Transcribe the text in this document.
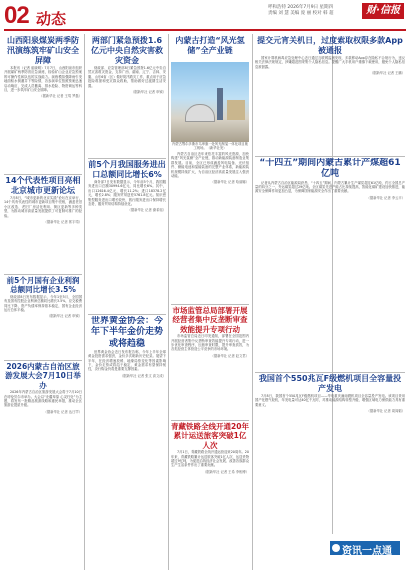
02 动态
呼和浩特 2026年7月9日 星期四
责编 刘 慧 美编 庞 丽 校对 韩 超	财·信报
山西阳泉煤炭两季防汛演练筑牢矿山安全屏障
本报讯（记者 崔晓明）7月7日，山西阳泉市组织开展煤矿两季防汛应急演练，检验矿山企业应急预案的可操作性和队伍的实战能力。演练模拟强降雨引发地面积水倒灌井下等险情，各参演单位按照预案迅速启动响应，完成人员撤离、排水抢险、物资调运等科目，进一步筑牢矿山安全屏障。
（据新华社 记者 王靖 罗磊）
14个代表性项目亮相北京城市更新论坛
7月8日，“城市更新的北京实践”论坛在京举行，14个具有代表性的城市更新项目集中亮相，涵盖老旧小区改造、老旧厂房活化利用、街区更新等多种类型，为推动城市高质量发展提供了可复制可推广的经验。
（据新华社 记者 郭宇靖）
前5个月国有企业利润总额同比增长3.5%
财政部8日发布数据显示，今年1至5月，全国国有及国有控股企业利润总额同比增长3.5%，应交税费同比下降，资产负债率保持基本稳定，国有企业经济运行总体平稳。
（据新华社 记者 申铖）
2026内蒙古自治区旅游发展大会7月10日举办
2026年内蒙古自治区旅游发展大会将于7月10日在呼伦贝尔市举办。大会以“北疆草原 心灵归处”为主题，将发布一批精品旅游线路和惠民举措，推动全区旅游业提质升级。
（据新华社 记者 达日罕）
两部门紧急预拨1.6亿元中央自然灾害救灾资金
财政部、应急管理部8日紧急预拨1.6亿元中央自然灾害救灾资金，支持广西、湖南、辽宁、吉林、安徽、山东6省（区）做好防汛救灾工作，重点用于应急抢险救援和受灾群众救助，帮助做好过渡期生活安置。
（据新华社 记者 申铖）
前5个月我国服务进出口总额同比增长6%
商务部7日发布数据显示，今年前5个月，我国服务进出口总额30994.6亿元，同比增长6%。其中，出口12616.4亿元，增长11.2%；进口18378.2亿元，增长2.8%；服务贸易逆差5761.8亿元。知识密集型服务进出口增长较快，旅行服务进出口保持增长态势，服务贸易结构持续优化。
（据新华社 记者 谢希瑶）
世界黄金协会：今年下半年金价走势或将趋稳
世界黄金协会近日发布报告称，今年上半年全球黄金投资需求强劲，金价多次刷新历史纪录。展望下半年，在经济增速放缓、地缘局势变化等因素影响下，金价走势或将趋于稳定，黄金需求有望保持韧性，央行购金仍将是重要支撑因素。
（据新华社 记者 张文 高文成）
内蒙古打造“风光氢储”全产业链
内蒙古鄂尔多斯市乌审旗一处风光制氢一体化项目施工现场。（新华社发）
内蒙古自治区近年来依托丰富的风光资源，加快构建“风光氢储”全产业链，推动新能源装备制造业集群发展。目前，全区已形成涵盖风电装备、光伏组件、储能电池和氢能装备的完整产业体系，新能源装机规模持续扩大，为自治区经济高质量发展注入强劲动能。
（据新华社 记者 哈丽娜）
市场监管总局部署开展经营者集中反垄断审查效能提升专项行动
市场监管总局近日印发通知，部署在全国范围内开展经营者集中反垄断审查效能提升专项行动，进一步优化审查程序，压缩审查时限，提升审查质效，为各类经营主体营造公平竞争的市场环境。
（据新华社 记者 赵文君）
青藏铁路全线开通20年累计运送旅客突破1亿人次
7月1日，青藏铁路全线开通运营迎来20周年。20年来，青藏铁路累计运送旅客突破1亿人次，运送货物超过9亿吨，为促进沿线经济社会发展、改善各族群众生产生活条件作出了重要贡献。
（据新华社 记者 王希 李相博）
提交元宵关机日，过度索取权限多款App被通报
国家计算机病毒应急处理中心近日通过互联网监测发现，多款移动App存在隐私不合规行为，违反相关法律法规规定，涉嫌超范围采集个人隐私信息。提醒广大手机用户谨慎下载使用，避免个人隐私信息被泄露。
（据新华社 记者 王鹏）
“十四五”期间内蒙古累计产煤超61亿吨
记者从内蒙古自治区能源局获悉，“十四五”期间，内蒙古累计生产煤炭超过61亿吨，约占全国总产量的四分之一，外运煤炭超过29亿吨。全区煤炭先进产能占比持续提高，智能化煤矿建设加快推进，能源安全保障作用更加凸显，为保障国家能源安全作出了重要贡献。
（据新华社 记者 李云平）
我国首个550兆瓦F级燃机项目全容量投产发电
7月8日，我国首个550兆瓦F级燃机项目——华电重庆潼南燃机项目全容量投产发电。该项目采用国产化燃气轮机，年发电量可达40亿千瓦时，对推动能源结构转型升级、增强区域电力保供能力具有重要意义。
（据新华社 记者 周闻韬）
资讯一点通
